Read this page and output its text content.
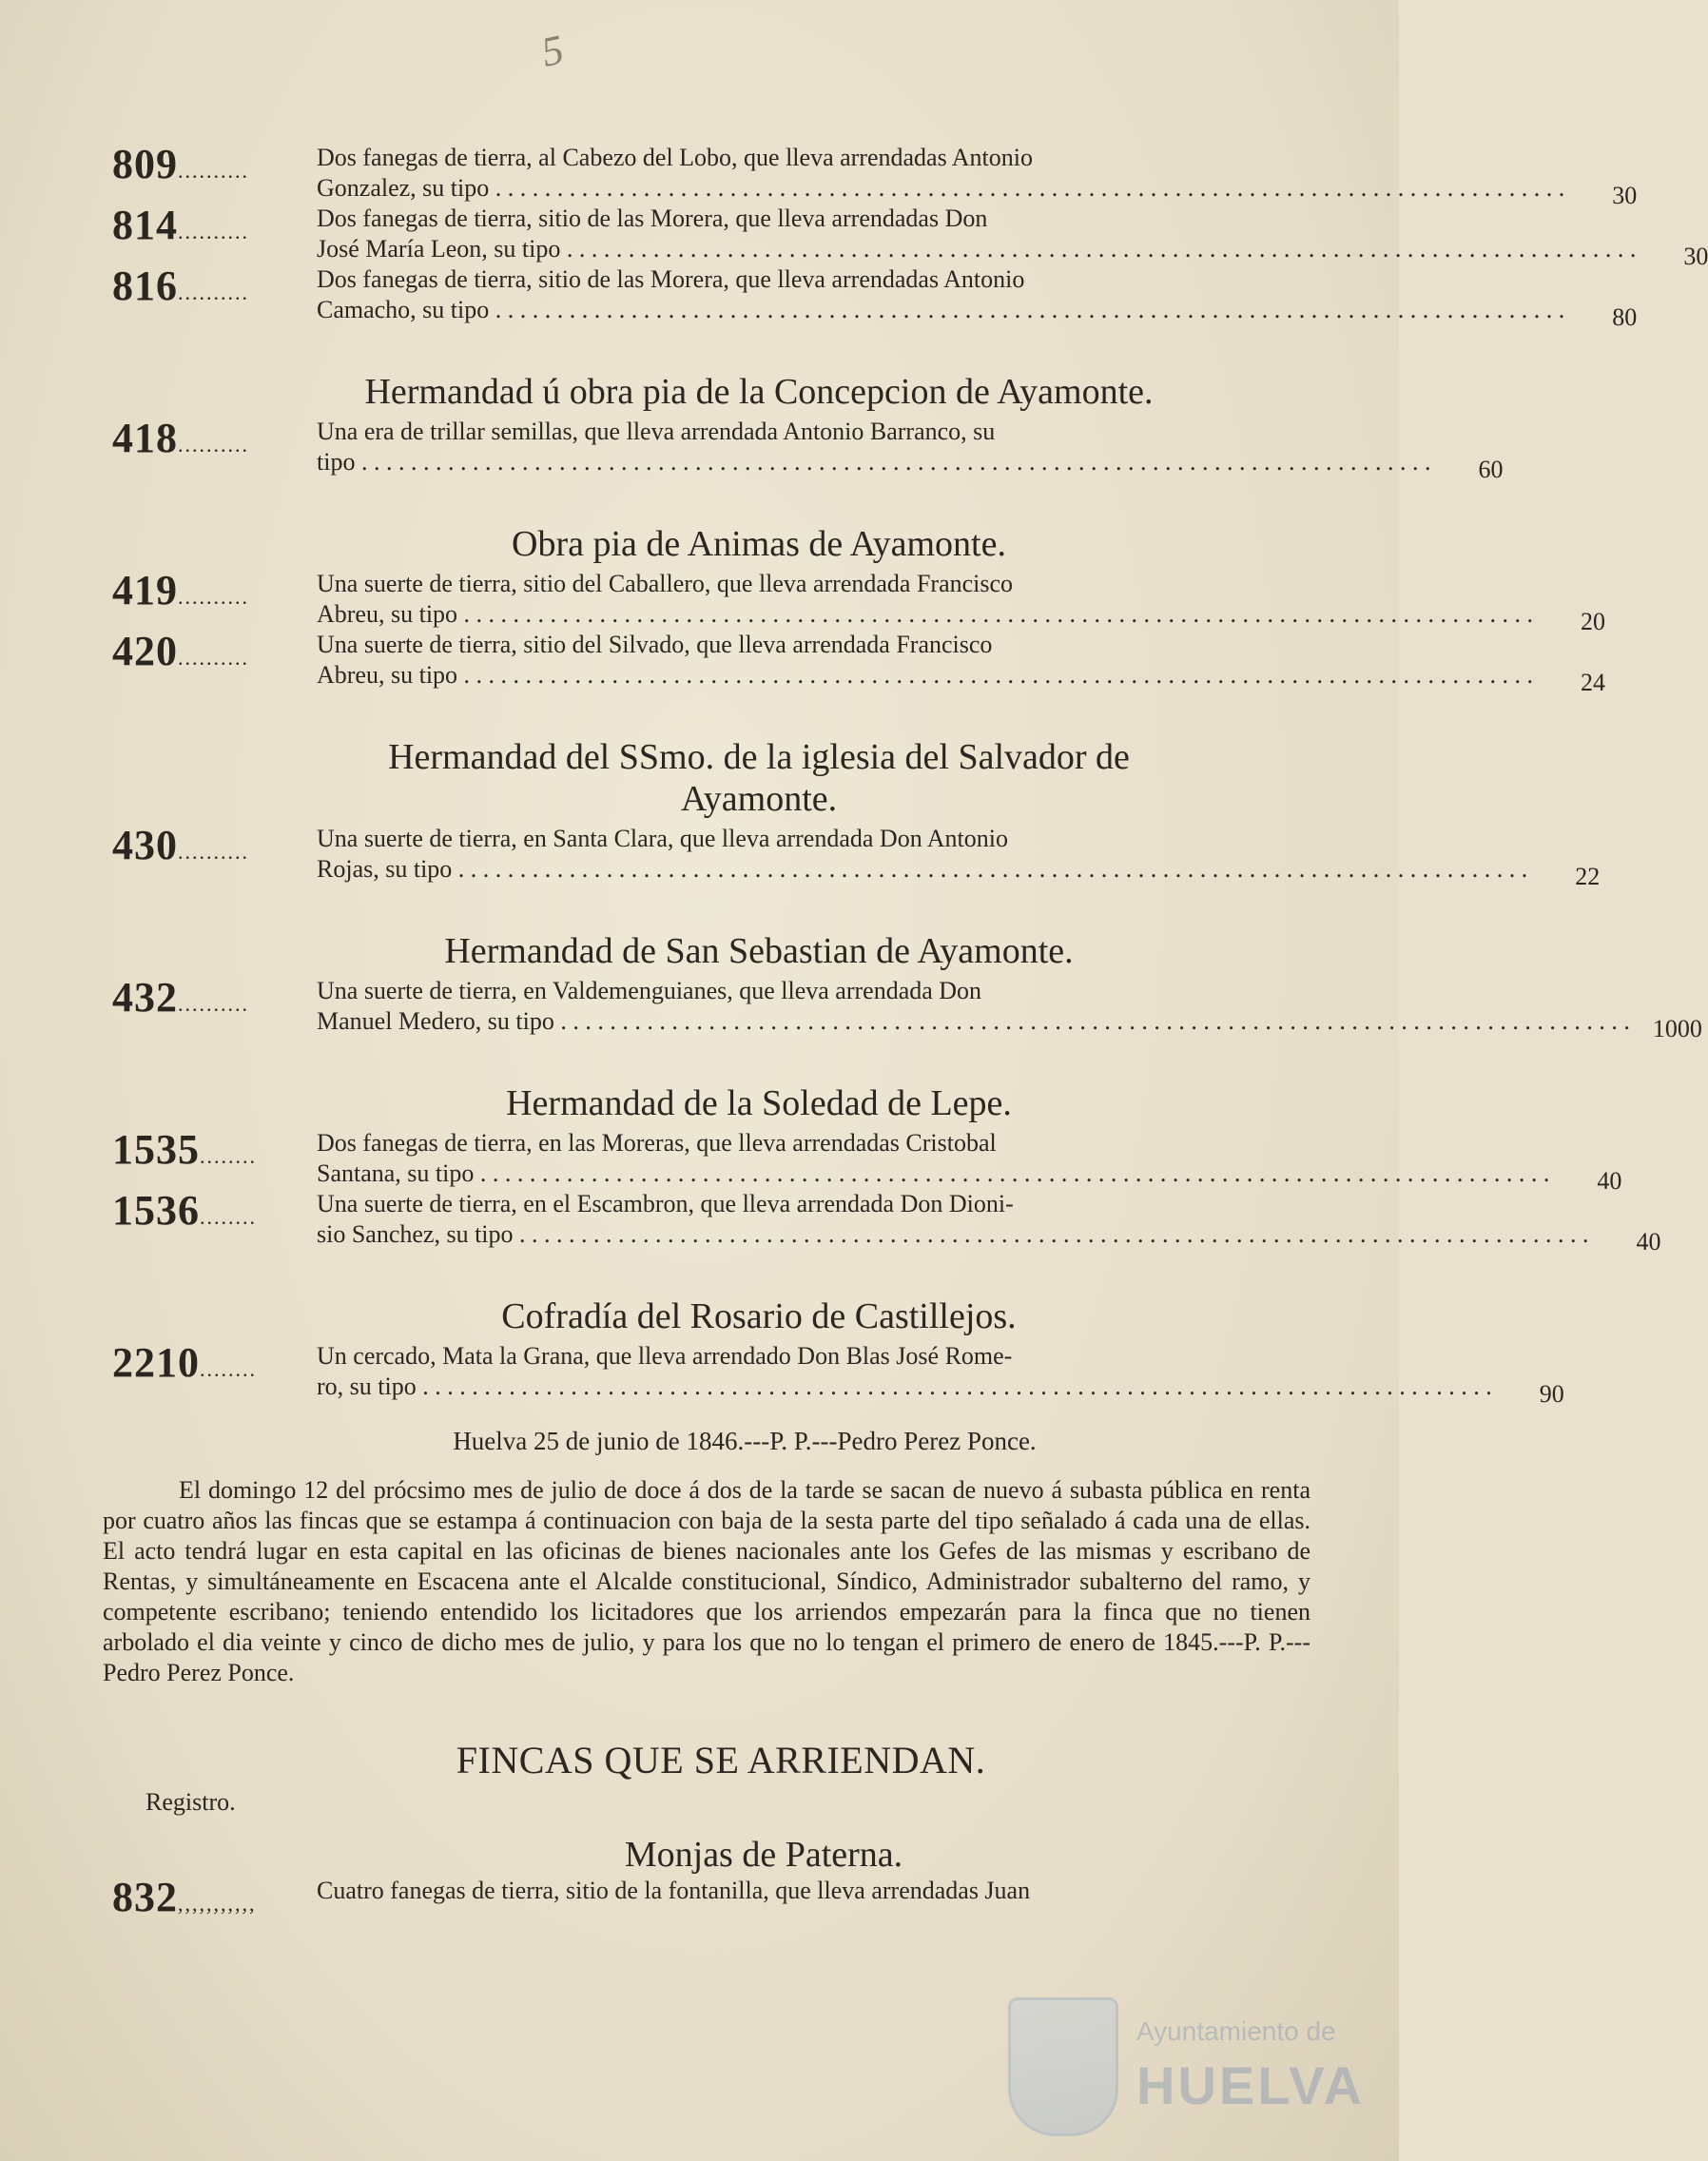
5
809..........	Dos fanegas de tierra, al Cabezo del Lobo, que lleva arrendadas Antonio
Gonzalez, su tipo . . .	30
814..........	Dos fanegas de tierra, sitio de las Morera, que lleva arrendadas Don
José María Leon, su tipo . . .	30
816..........	Dos fanegas de tierra, sitio de las Morera, que lleva arrendadas Antonio
Camacho, su tipo . . .	80
Hermandad ú obra pia de la Concepcion de Ayamonte.
418..........	Una era de trillar semillas, que lleva arrendada Antonio Barranco, su
tipo . . .	60
Obra pia de Animas de Ayamonte.
419..........	Una suerte de tierra, sitio del Caballero, que lleva arrendada Francisco
Abreu, su tipo . . .	20
420..........	Una suerte de tierra, sitio del Silvado, que lleva arrendada Francisco
Abreu, su tipo . . .	24
Hermandad del SSmo. de la iglesia del Salvador de Ayamonte.
430..........	Una suerte de tierra, en Santa Clara, que lleva arrendada Don Antonio
Rojas, su tipo . . .	22
Hermandad de San Sebastian de Ayamonte.
432..........	Una suerte de tierra, en Valdemenguianes, que lleva arrendada Don
Manuel Medero, su tipo . . .	1000
Hermandad de la Soledad de Lepe.
1535........	Dos fanegas de tierra, en las Moreras, que lleva arrendadas Cristobal
Santana, su tipo . . .	40
1536........	Una suerte de tierra, en el Escambron, que lleva arrendada Don Dioni-
sio Sanchez, su tipo . . .	40
Cofradía del Rosario de Castillejos.
2210........	Un cercado, Mata la Grana, que lleva arrendado Don Blas José Rome-
ro, su tipo . . .	90
Huelva 25 de junio de 1846.---P. P.---Pedro Perez Ponce.
El domingo 12 del prócsimo mes de julio de doce á dos de la tarde se sacan de nuevo á subasta pública en renta por cuatro años las fincas que se estampa á continuacion con baja de la sesta parte del tipo señalado á cada una de ellas. El acto tendrá lugar en esta capital en las oficinas de bienes nacionales ante los Gefes de las mismas y escribano de Rentas, y simultáneamente en Escacena ante el Alcalde constitucional, Síndico, Administrador subalterno del ramo, y competente escribano; teniendo entendido los licitadores que los arriendos empezarán para la finca que no tienen arbolado el dia veinte y cinco de dicho mes de julio, y para los que no lo tengan el primero de enero de 1845.---P. P.---Pedro Perez Ponce.
FINCAS QUE SE ARRIENDAN.
Registro.
Monjas de Paterna.
832,,,,,,,,,,,	Cuatro fanegas de tierra, sitio de la fontanilla, que lleva arrendadas Juan
Ayuntamiento de
HUELVA
